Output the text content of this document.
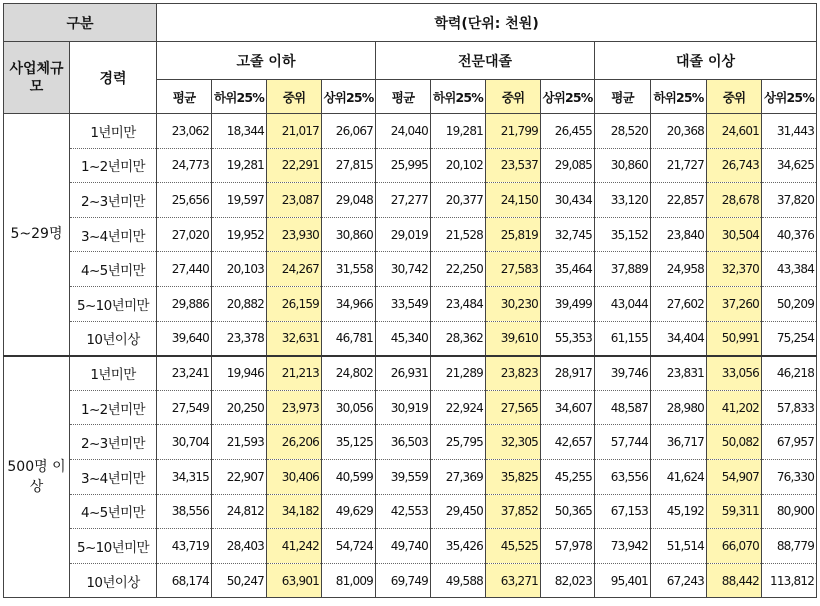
구분		학력(단위: 천원)											
사업체규모	경력	고졸 이하				전문대졸				대졸 이상			
		평균	하위25%	중위	상위25%	평균	하위25%	중위	상위25%	평균	하위25%	중위	상위25%
5~29명	1년미만	23,062	18,344	21,017	26,067	24,040	19,281	21,799	26,455	28,520	20,368	24,601	31,443
	1~2년미만	24,773	19,281	22,291	27,815	25,995	20,102	23,537	29,085	30,860	21,727	26,743	34,625
	2~3년미만	25,656	19,597	23,087	29,048	27,277	20,377	24,150	30,434	33,120	22,857	28,678	37,820
	3~4년미만	27,020	19,952	23,930	30,860	29,019	21,528	25,819	32,745	35,152	23,840	30,504	40,376
	4~5년미만	27,440	20,103	24,267	31,558	30,742	22,250	27,583	35,464	37,889	24,958	32,370	43,384
	5~10년미만	29,886	20,882	26,159	34,966	33,549	23,484	30,230	39,499	43,044	27,602	37,260	50,209
	10년이상	39,640	23,378	32,631	46,781	45,340	28,362	39,610	55,353	61,155	34,404	50,991	75,254
500명 이상	1년미만	23,241	19,946	21,213	24,802	26,931	21,289	23,823	28,917	39,746	23,831	33,056	46,218
	1~2년미만	27,549	20,250	23,973	30,056	30,919	22,924	27,565	34,607	48,587	28,980	41,202	57,833
	2~3년미만	30,704	21,593	26,206	35,125	36,503	25,795	32,305	42,657	57,744	36,717	50,082	67,957
	3~4년미만	34,315	22,907	30,406	40,599	39,559	27,369	35,825	45,255	63,556	41,624	54,907	76,330
	4~5년미만	38,556	24,812	34,182	49,629	42,553	29,450	37,852	50,365	67,153	45,192	59,311	80,900
	5~10년미만	43,719	28,403	41,242	54,724	49,740	35,426	45,525	57,978	73,942	51,514	66,070	88,779
	10년이상	68,174	50,247	63,901	81,009	69,749	49,588	63,271	82,023	95,401	67,243	88,442	113,812
